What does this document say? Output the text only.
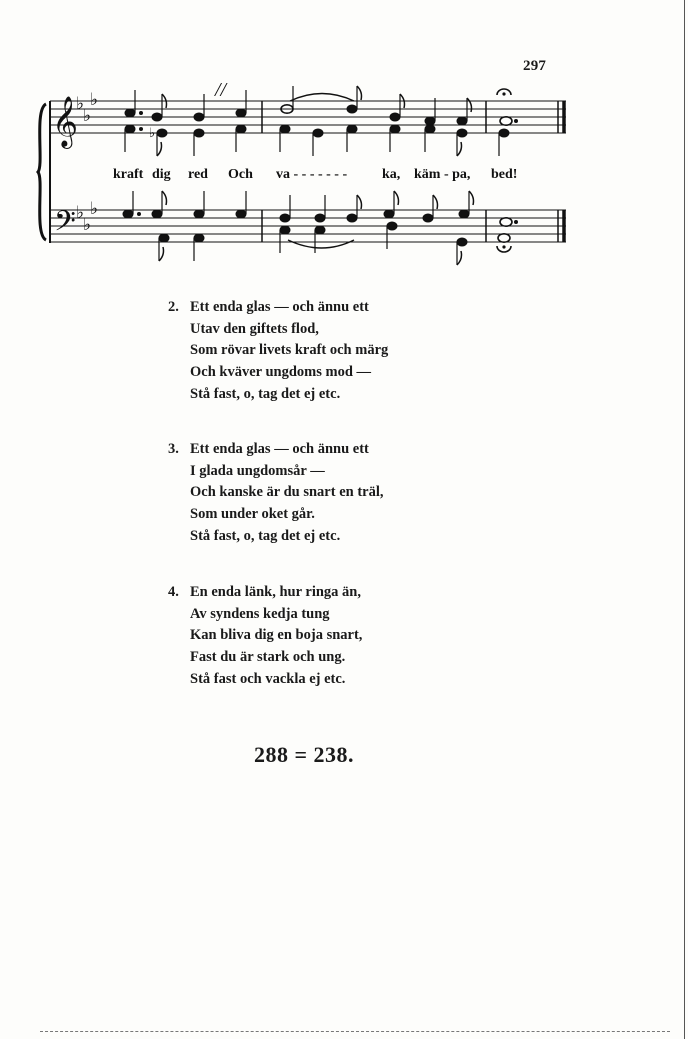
297
𝄞
𝄢
♭
♭
♭
♭
♭
♭
//
♭
kraft dig red Och va - - - - - - - ka, käm - pa, bed!
2. Ett enda glas — och ännu ett
Utav den giftets flod,
Som rövar livets kraft och märg
Och kväver ungdoms mod —
Stå fast, o, tag det ej etc.
3. Ett enda glas — och ännu ett
I glada ungdomsår —
Och kanske är du snart en träl,
Som under oket går.
Stå fast, o, tag det ej etc.
4. En enda länk, hur ringa än,
Av syndens kedja tung
Kan bliva dig en boja snart,
Fast du är stark och ung.
Stå fast och vackla ej etc.
288 = 238.
